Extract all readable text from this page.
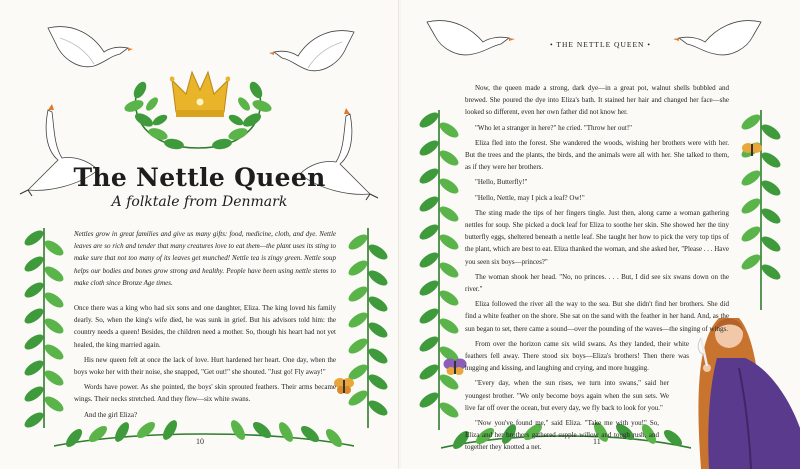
The Nettle Queen
A folktale from Denmark

Nettles grow in great families and give us many gifts: food, medicine, cloth, and dye. Nettle leaves are so rich and tender that many creatures love to eat them—the plant uses its sting to make sure that not too many of its leaves get munched! Nettle tea is zingy green. Nettle soup helps our bodies and bones grow strong and healthy. People have been using nettle stems to make cloth since Bronze Age times.

Once there was a king who had six sons and one daughter, Eliza. The king loved his family dearly. So, when the king's wife died, he was sunk in grief. But his advisors told him: the country needs a queen! Besides, the children need a mother. So, though his heart had not yet healed, the king married again.

His new queen felt at once the lack of love. Hurt hardened her heart. One day, when the boys woke her with their noise, she snapped, "Get out!" she shouted. "Just go! Fly away!"

Words have power. As she pointed, the boys' skin sprouted feathers. Their arms became wings. Their necks stretched. And they flew—six white swans.

And the girl Eliza?

10

Now, the queen made a strong, dark dye—in a great pot, walnut shells bubbled and brewed. She poured the dye into Eliza's bath. It stained her hair and changed her face—she looked so different, even her own father did not know her.

"Who let a stranger in here?" he cried. "Throw her out!"

Eliza fled into the forest. She wandered the woods, wishing her brothers were with her. But the trees and the plants, the birds, and the animals were all with her. She talked to them, as if they were her brothers.

"Hello, Butterfly!"

"Hello, Nettle, may I pick a leaf? Ow!"

The sting made the tips of her fingers tingle. Just then, along came a woman gathering nettles for soup. She picked a dock leaf for Eliza to soothe her skin. She showed her the tiny butterfly eggs, sheltered beneath a nettle leaf. She taught her how to pick the very top tips of the plant, which are best to eat. Eliza thanked the woman, and she asked her, "Please . . . Have you seen six boys—princes?"

The woman shook her head. "No, no princes. . . . But, I did see six swans down on the river."

Eliza followed the river all the way to the sea. But she didn't find her brothers. She did find a white feather on the shore. She sat on the sand with the feather in her hand. And, as the sun began to set, there came a sound—over the pounding of the waves—the singing of wings.

From over the horizon came six wild swans. As they landed, their white feathers fell away. There stood six boys—Eliza's brothers! Then there was hugging and kissing, and laughing and crying, and more hugging.

"Every day, when the sun rises, we turn into swans," said her youngest brother. "We only become boys again when the sun sets. We live far off over the ocean, but every day, we fly back to look for you."

"Now you've found me," said Eliza. "Take me with you!" So, Eliza and her brothers gathered supple willow and tough rush, and together they knotted a net.

11
• THE NETTLE QUEEN •
